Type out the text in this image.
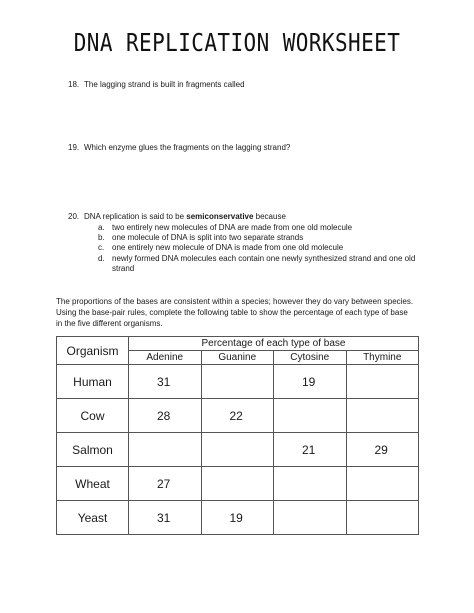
DNA REPLICATION WORKSHEET
18. The lagging strand is built in fragments called
19. Which enzyme glues the fragments on the lagging strand?
20. DNA replication is said to be semiconservative because
a. two entirely new molecules of DNA are made from one old molecule
b. one molecule of DNA is split into two separate strands
c. one entirely new molecule of DNA is made from one old molecule
d. newly formed DNA molecules each contain one newly synthesized strand and one old strand
The proportions of the bases are consistent within a species; however they do vary between species. Using the base-pair rules, complete the following table to show the percentage of each type of base in the five different organisms.
Organism	Percentage of each type of base			
	Adenine	Guanine	Cytosine	Thymine
Human	31		19	
Cow	28	22		
Salmon			21	29
Wheat	27			
Yeast	31	19		
